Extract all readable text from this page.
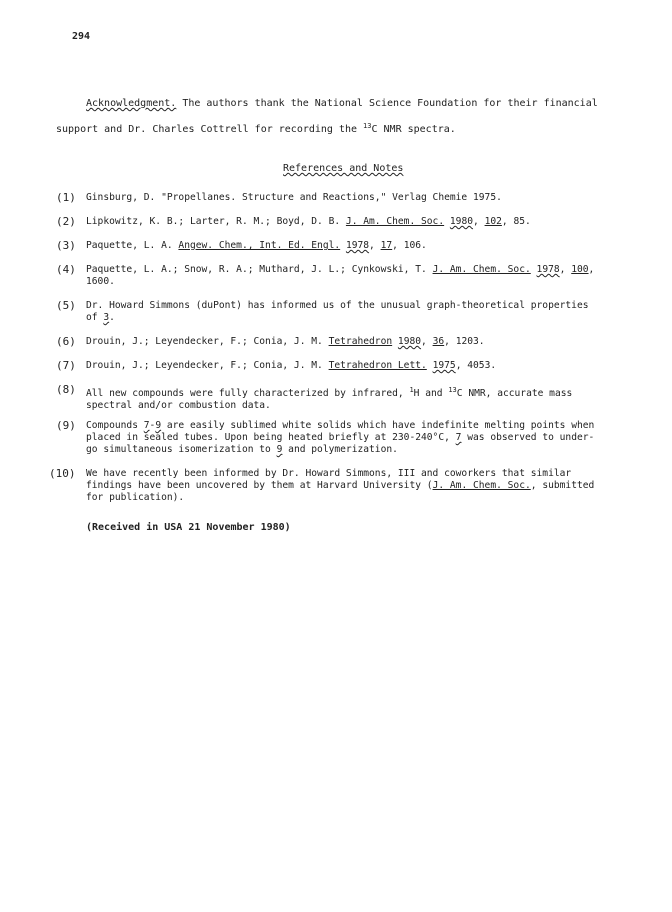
294
Acknowledgment. The authors thank the National Science Foundation for their financial
support and Dr. Charles Cottrell for recording the $^{13}$C NMR spectra.
References and Notes
(1) Ginsburg, D. "Propellanes. Structure and Reactions," Verlag Chemie 1975.
(2) Lipkowitz, K. B.; Larter, R. M.; Boyd, D. B. J. Am. Chem. Soc. 1980, 102, 85.
(3) Paquette, L. A. Angew. Chem., Int. Ed. Engl. 1978, 17, 106.
(4) Paquette, L. A.; Snow, R. A.; Muthard, J. L.; Cynkowski, T. J. Am. Chem. Soc. 1978, 100,
1600.
(5) Dr. Howard Simmons (duPont) has informed us of the unusual graph-theoretical properties
of 3.
(6) Drouin, J.; Leyendecker, F.; Conia, J. M. Tetrahedron 1980, 36, 1203.
(7) Drouin, J.; Leyendecker, F.; Conia, J. M. Tetrahedron Lett. 1975, 4053.
(8) All new compounds were fully characterized by infrared, $^1$H and $^{13}$C NMR, accurate mass
spectral and/or combustion data.
(9) Compounds 7-9 are easily sublimed white solids which have indefinite melting points when
placed in sealed tubes. Upon being heated briefly at 230-240°C, 7 was observed to under-
go simultaneous isomerization to 9 and polymerization.
(10) We have recently been informed by Dr. Howard Simmons, III and coworkers that similar
findings have been uncovered by them at Harvard University (J. Am. Chem. Soc., submitted
for publication).
(Received in USA 21 November 1980)
